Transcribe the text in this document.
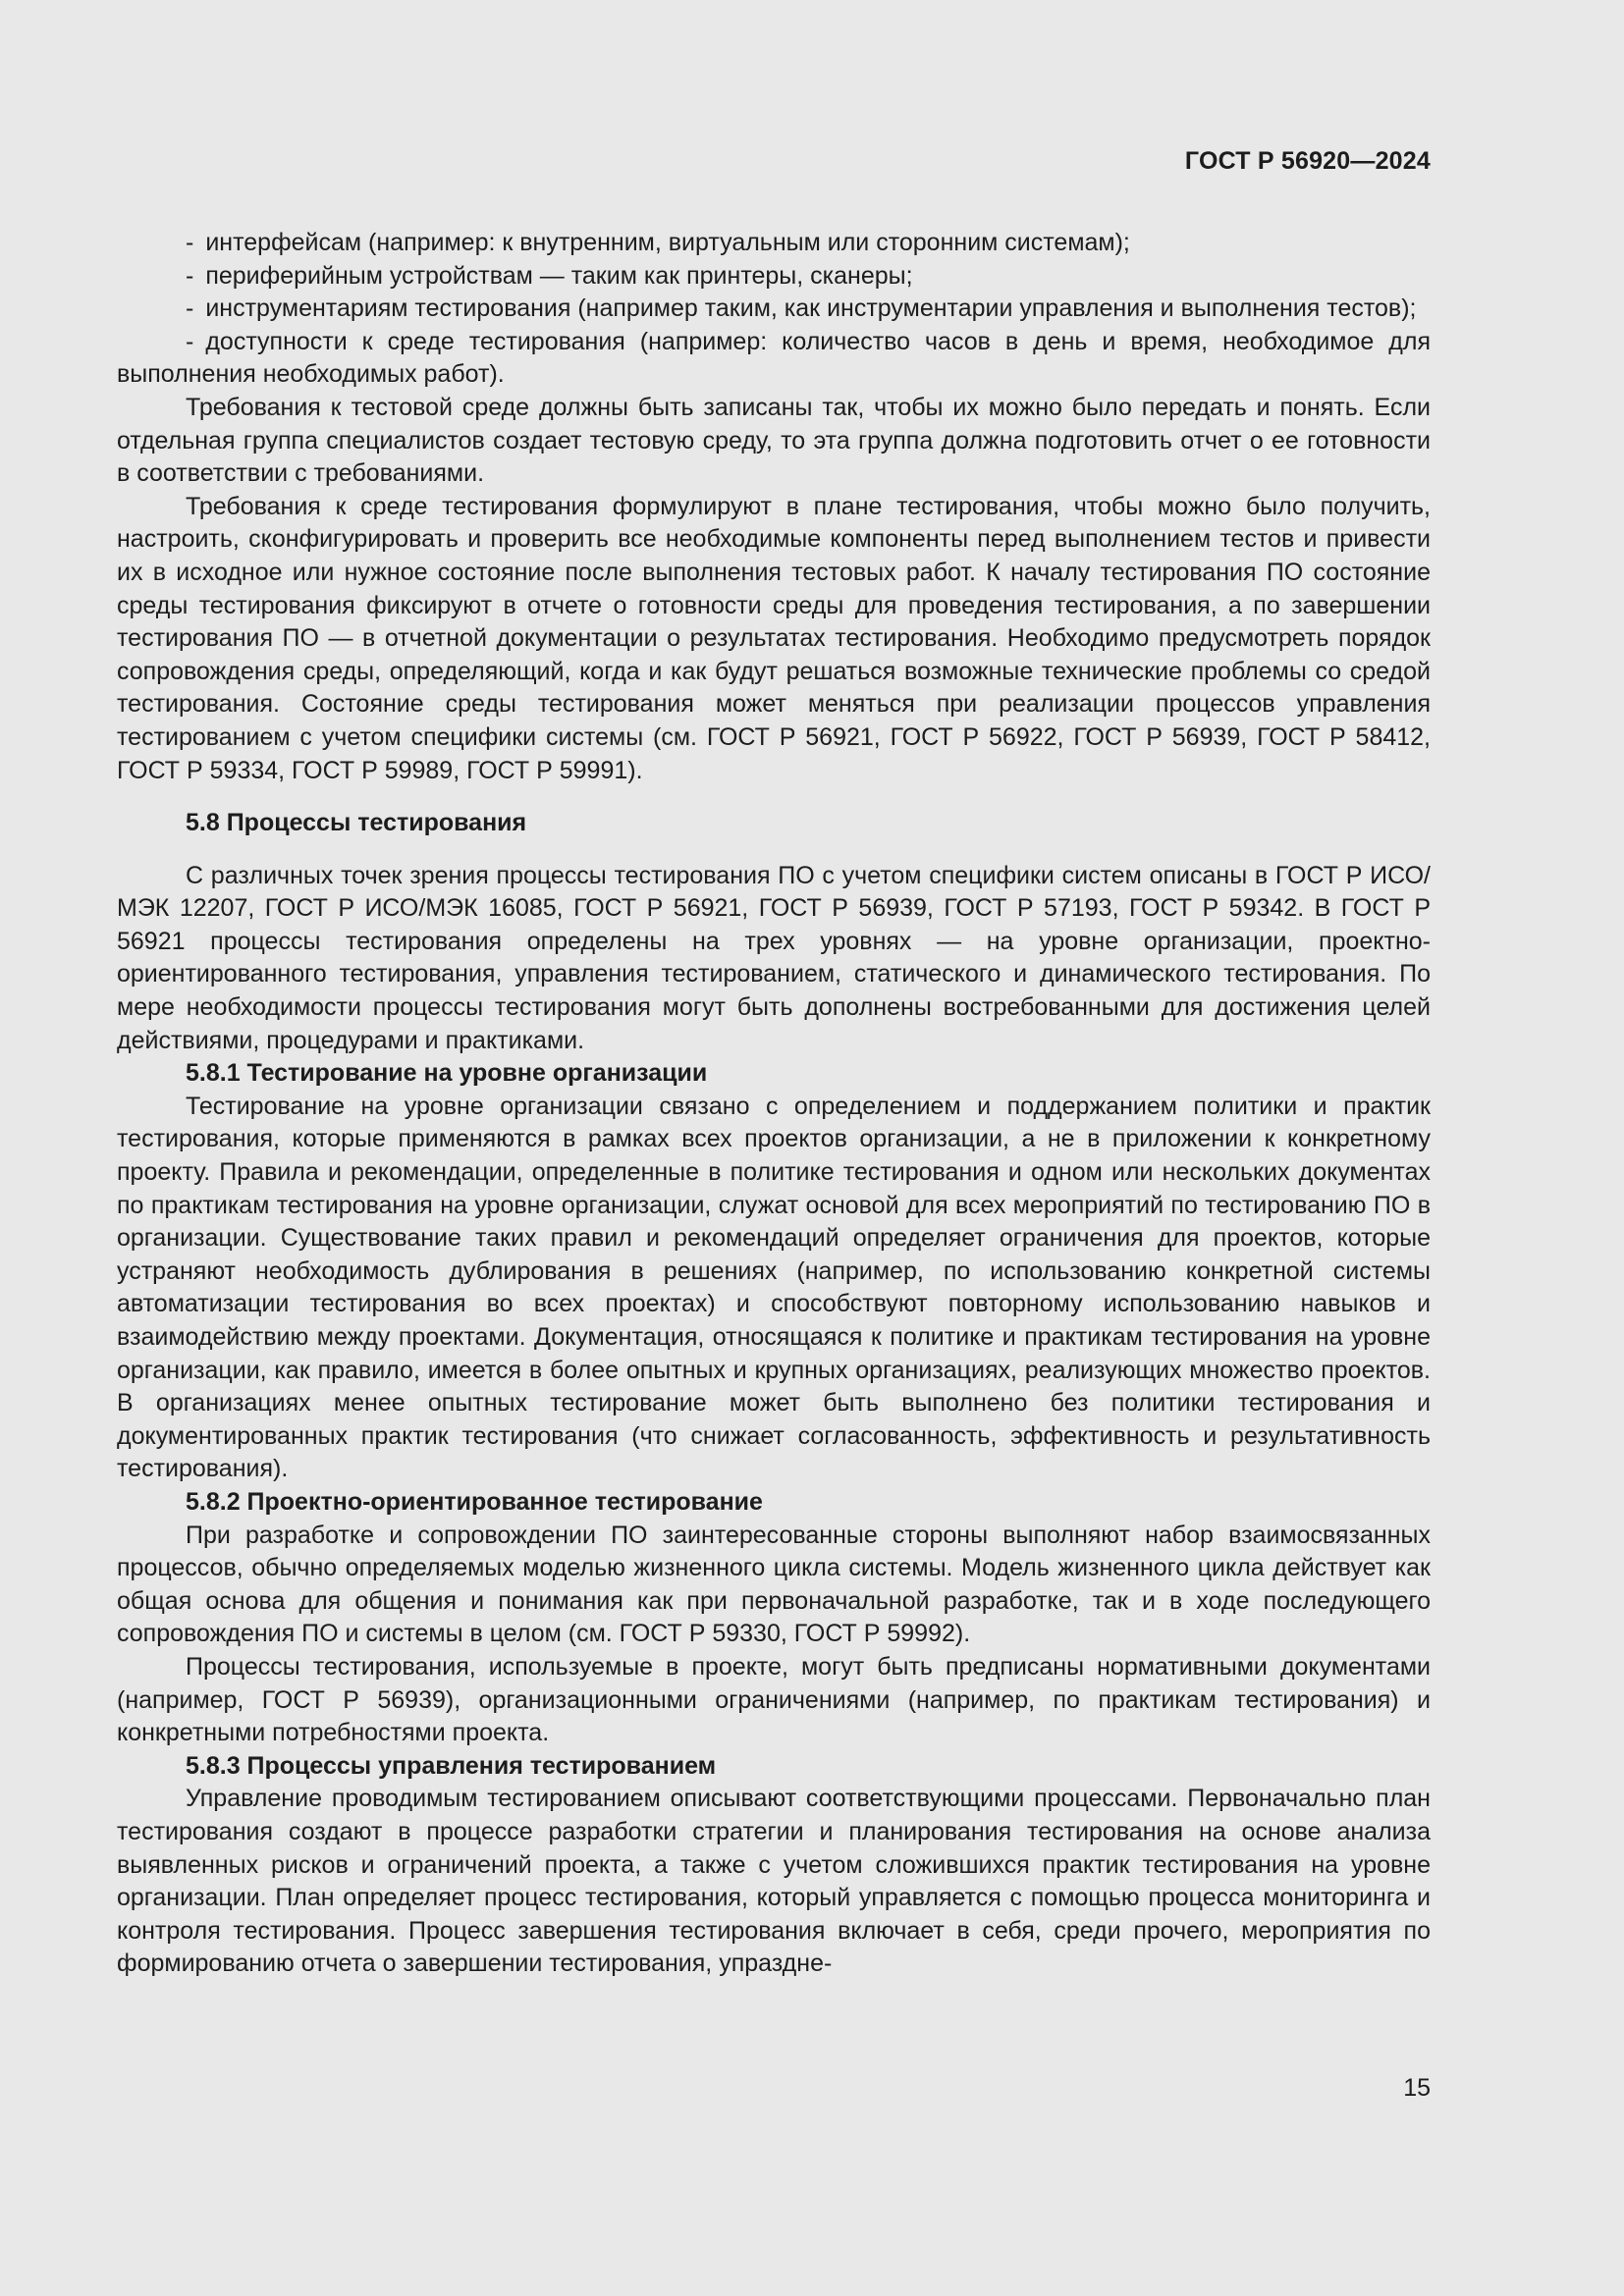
ГОСТ Р 56920—2024

- интерфейсам (например: к внутренним, виртуальным или сторонним системам);

- периферийным устройствам — таким как принтеры, сканеры;

- инструментариям тестирования (например таким, как инструментарии управления и выполнения тестов);

- доступности к среде тестирования (например: количество часов в день и время, необходимое для выполнения необходимых работ).

Требования к тестовой среде должны быть записаны так, чтобы их можно было передать и понять. Если отдельная группа специалистов создает тестовую среду, то эта группа должна подготовить отчет о ее готовности в соответствии с требованиями.

Требования к среде тестирования формулируют в плане тестирования, чтобы можно было получить, настроить, сконфигурировать и проверить все необходимые компоненты перед выполнением тестов и привести их в исходное или нужное состояние после выполнения тестовых работ. К началу тестирования ПО состояние среды тестирования фиксируют в отчете о готовности среды для проведения тестирования, а по завершении тестирования ПО — в отчетной документации о результатах тестирования. Необходимо предусмотреть порядок сопровождения среды, определяющий, когда и как будут решаться возможные технические проблемы со средой тестирования. Состояние среды тестирования может меняться при реализации процессов управления тестированием с учетом специфики системы (см. ГОСТ Р 56921, ГОСТ Р 56922, ГОСТ Р 56939, ГОСТ Р 58412, ГОСТ Р 59334, ГОСТ Р 59989, ГОСТ Р 59991).

5.8 Процессы тестирования

С различных точек зрения процессы тестирования ПО с учетом специфики систем описаны в ГОСТ Р ИСО/МЭК 12207, ГОСТ Р ИСО/МЭК 16085, ГОСТ Р 56921, ГОСТ Р 56939, ГОСТ Р 57193, ГОСТ Р 59342. В ГОСТ Р 56921 процессы тестирования определены на трех уровнях — на уровне организации, проектно-ориентированного тестирования, управления тестированием, статического и динамического тестирования. По мере необходимости процессы тестирования могут быть дополнены востребованными для достижения целей действиями, процедурами и практиками.

5.8.1 Тестирование на уровне организации

Тестирование на уровне организации связано с определением и поддержанием политики и практик тестирования, которые применяются в рамках всех проектов организации, а не в приложении к конкретному проекту. Правила и рекомендации, определенные в политике тестирования и одном или нескольких документах по практикам тестирования на уровне организации, служат основой для всех мероприятий по тестированию ПО в организации. Существование таких правил и рекомендаций определяет ограничения для проектов, которые устраняют необходимость дублирования в решениях (например, по использованию конкретной системы автоматизации тестирования во всех проектах) и способствуют повторному использованию навыков и взаимодействию между проектами. Документация, относящаяся к политике и практикам тестирования на уровне организации, как правило, имеется в более опытных и крупных организациях, реализующих множество проектов. В организациях менее опытных тестирование может быть выполнено без политики тестирования и документированных практик тестирования (что снижает согласованность, эффективность и результативность тестирования).

5.8.2 Проектно-ориентированное тестирование

При разработке и сопровождении ПО заинтересованные стороны выполняют набор взаимосвязанных процессов, обычно определяемых моделью жизненного цикла системы. Модель жизненного цикла действует как общая основа для общения и понимания как при первоначальной разработке, так и в ходе последующего сопровождения ПО и системы в целом (см. ГОСТ Р 59330, ГОСТ Р 59992).

Процессы тестирования, используемые в проекте, могут быть предписаны нормативными документами (например, ГОСТ Р 56939), организационными ограничениями (например, по практикам тестирования) и конкретными потребностями проекта.

5.8.3 Процессы управления тестированием

Управление проводимым тестированием описывают соответствующими процессами. Первоначально план тестирования создают в процессе разработки стратегии и планирования тестирования на основе анализа выявленных рисков и ограничений проекта, а также с учетом сложившихся практик тестирования на уровне организации. План определяет процесс тестирования, который управляется с помощью процесса мониторинга и контроля тестирования. Процесс завершения тестирования включает в себя, среди прочего, мероприятия по формированию отчета о завершении тестирования, упраздне-

15
